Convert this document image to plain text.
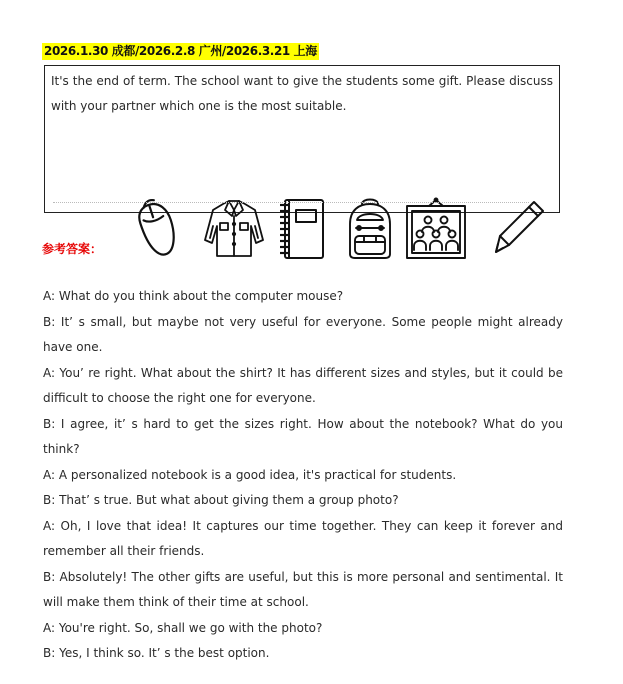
2026.1.30 成都/2026.2.8 广州/2026.3.21 上海
It's the end of term. The school want to give the students some gift. Please discuss with your partner which one is the most suitable.
参考答案：

A: What do you think about the computer mouse?

B: It’ s small, but maybe not very useful for everyone. Some people might already have one.

A: You’ re right. What about the shirt? It has different sizes and styles, but it could be difficult to choose the right one for everyone.

B: I agree, it’ s hard to get the sizes right. How about the notebook? What do you think?

A: A personalized notebook is a good idea, it's practical for students.

B: That’ s true. But what about giving them a group photo?

A: Oh, I love that idea! It captures our time together. They can keep it forever and remember all their friends.

B: Absolutely! The other gifts are useful, but this is more personal and sentimental. It will make them think of their time at school.

A: You're right. So, shall we go with the photo?

B: Yes, I think so. It’ s the best option.
